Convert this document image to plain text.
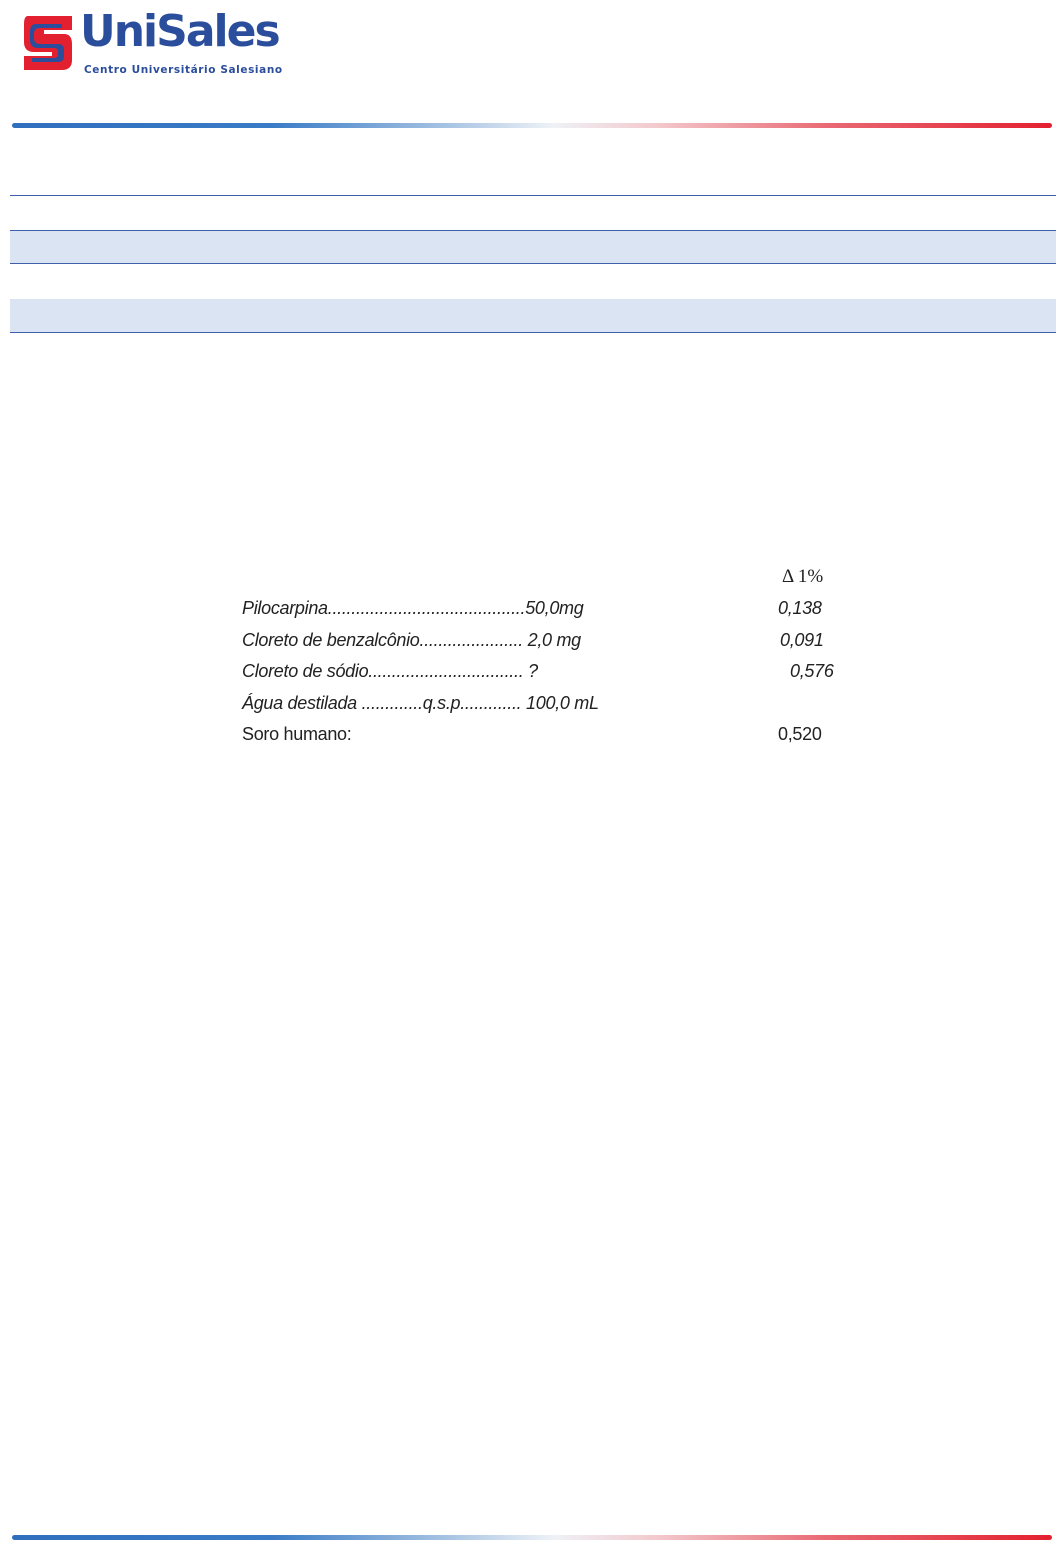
UniSales
Centro Universitário Salesiano
Δ 1%
Pilocarpina..........................................50,0mg	0,138
Cloreto de benzalcônio...................... 2,0 mg	0,091
Cloreto de sódio................................. ?	0,576
Água destilada .............q.s.p............. 100,0 mL
Soro humano:	0,520
